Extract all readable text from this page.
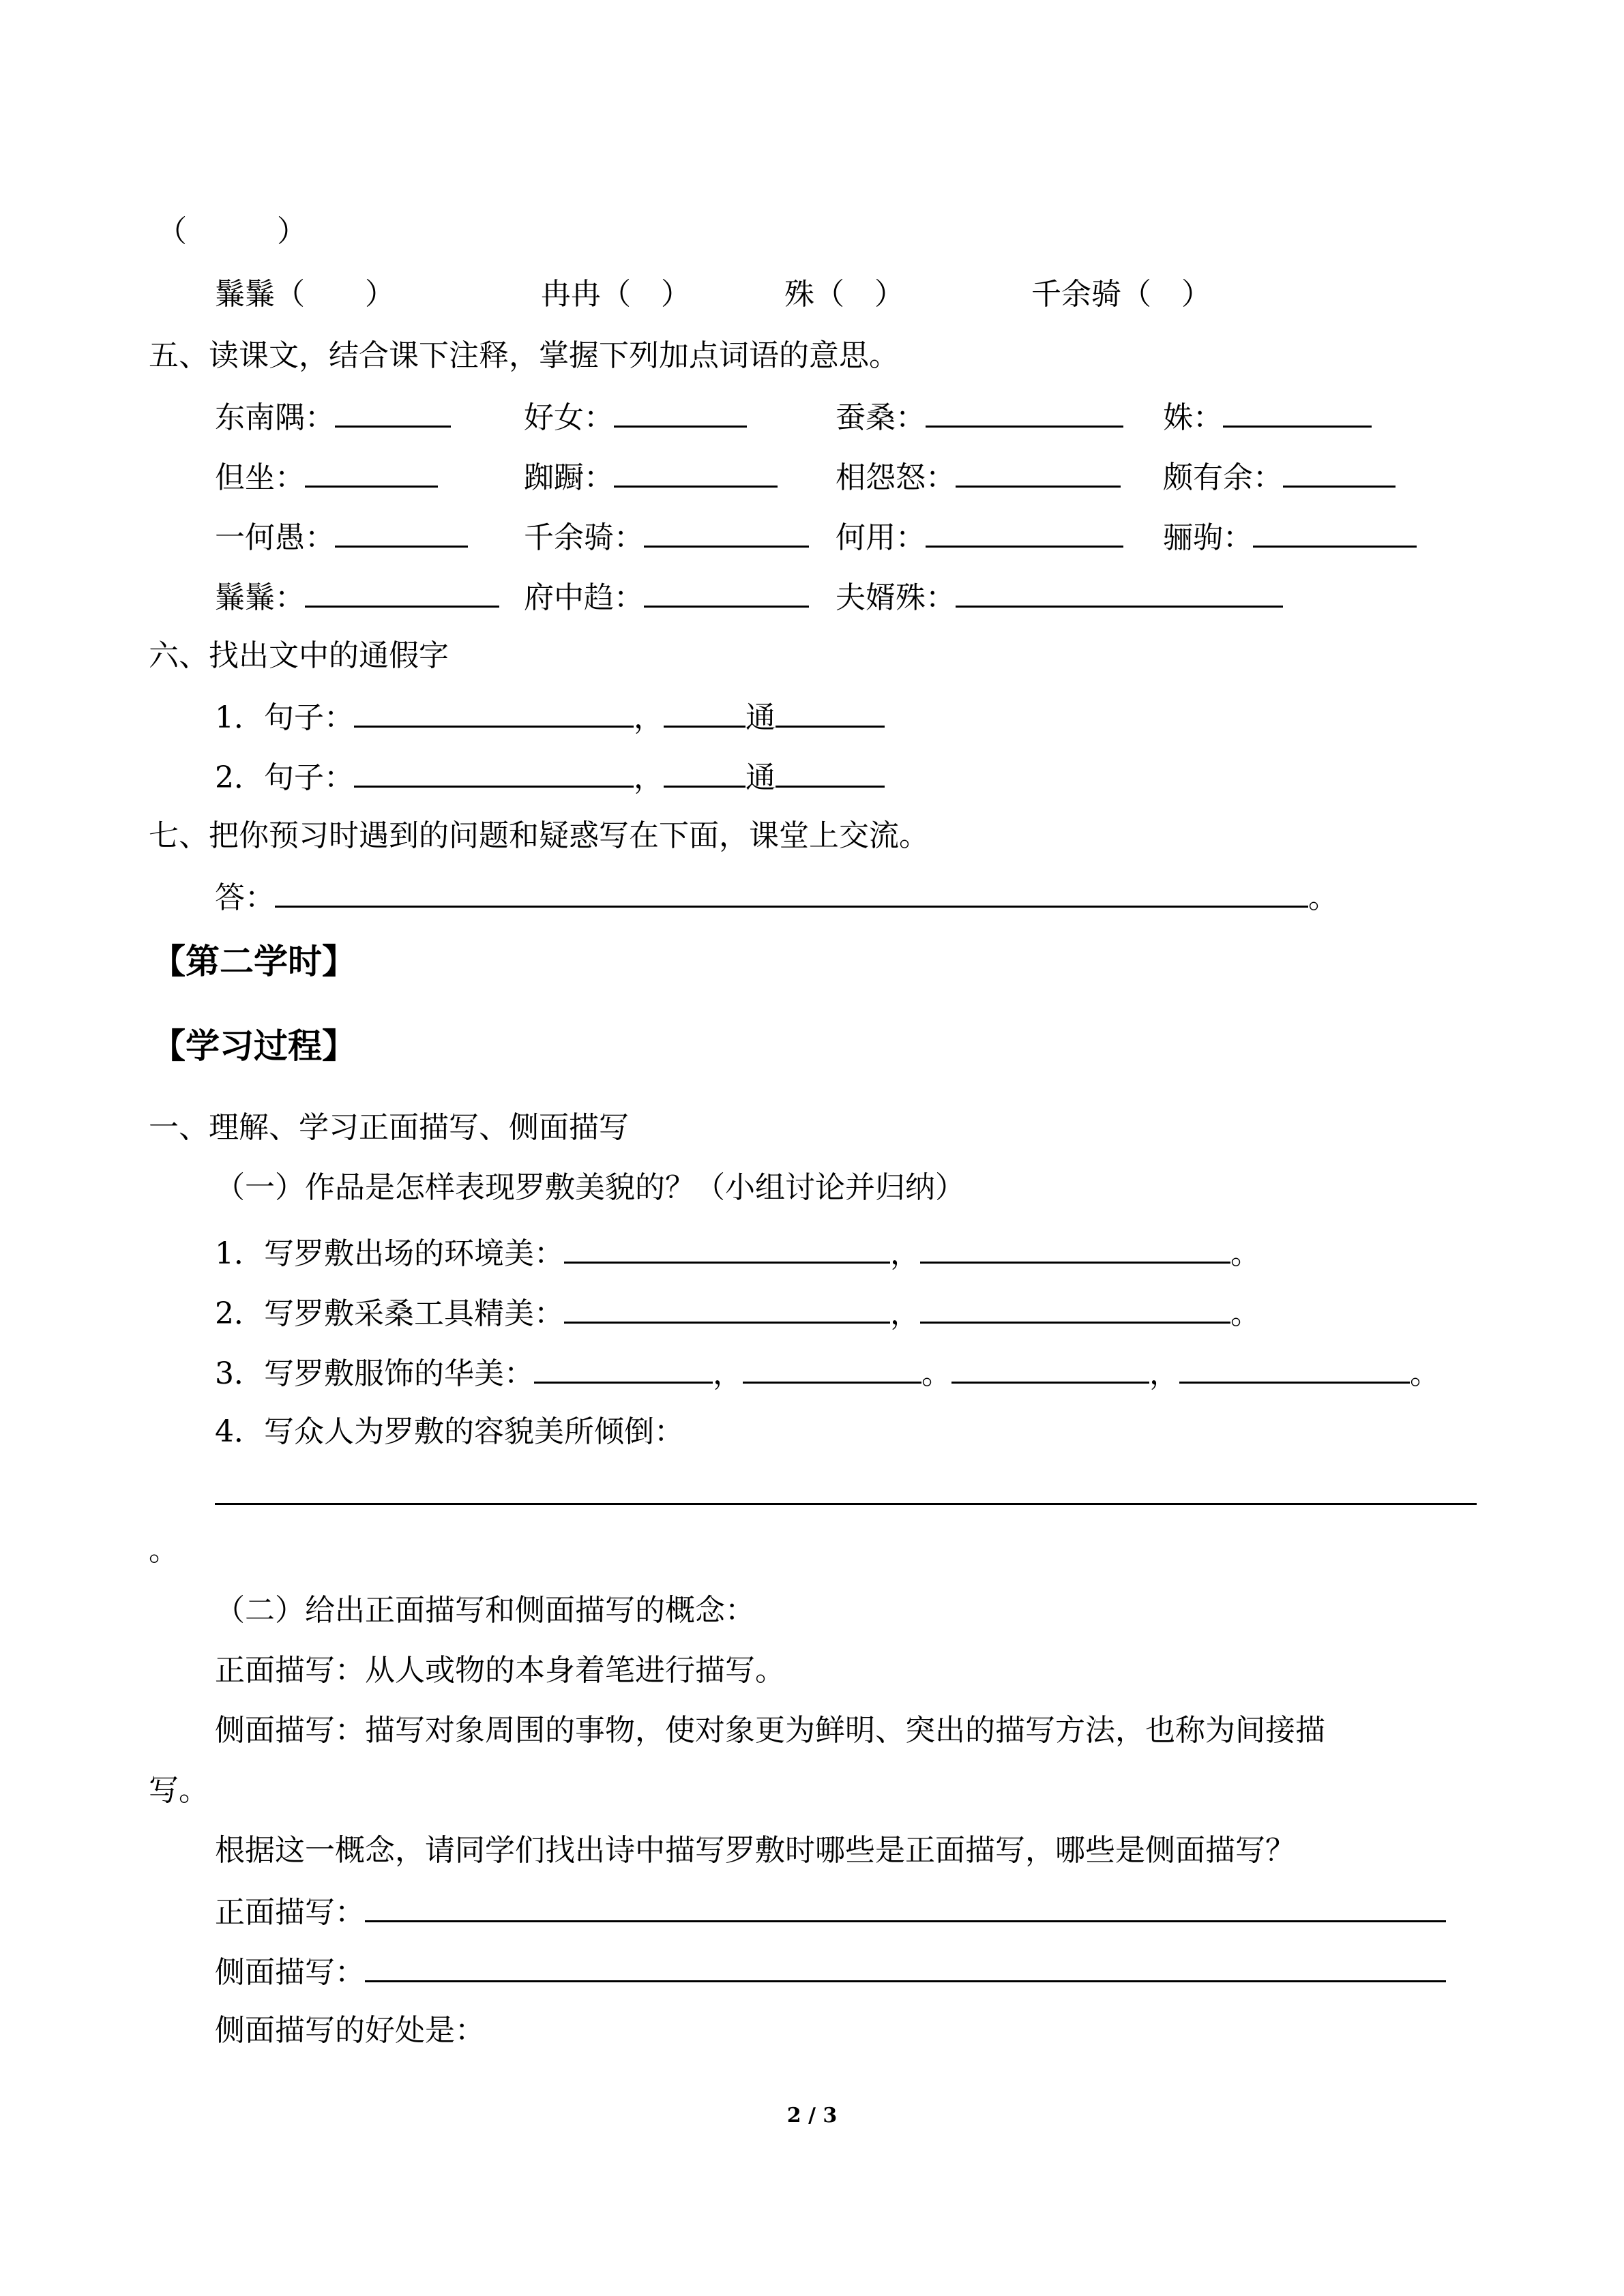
（　　　）
鬑鬑（　　）	冉冉（　）	殊（　）	千余骑（　）
五、读课文，结合课下注释，掌握下列加点词语的意思。
东南隅：	好女：	蚕桑：	姝：
但坐：	踟蹰：	相怨怒：	颇有余：
一何愚：	千余骑：	何用：	骊驹：
鬑鬑：	府中趋：	夫婿殊：
六、找出文中的通假字
1．句子：	，	通
2．句子：	，	通
七、把你预习时遇到的问题和疑惑写在下面，课堂上交流。
答：	。
【第二学时】
【学习过程】
一、理解、学习正面描写、侧面描写
（一）作品是怎样表现罗敷美貌的？（小组讨论并归纳）
1．写罗敷出场的环境美：	，	。
2．写罗敷采桑工具精美：	，	。
3．写罗敷服饰的华美：	，	。	，	。
4．写众人为罗敷的容貌美所倾倒：
。
（二）给出正面描写和侧面描写的概念：
正面描写：从人或物的本身着笔进行描写。
侧面描写：描写对象周围的事物，使对象更为鲜明、突出的描写方法，也称为间接描
写。
根据这一概念，请同学们找出诗中描写罗敷时哪些是正面描写，哪些是侧面描写？
正面描写：
侧面描写：
侧面描写的好处是：
2 / 3
